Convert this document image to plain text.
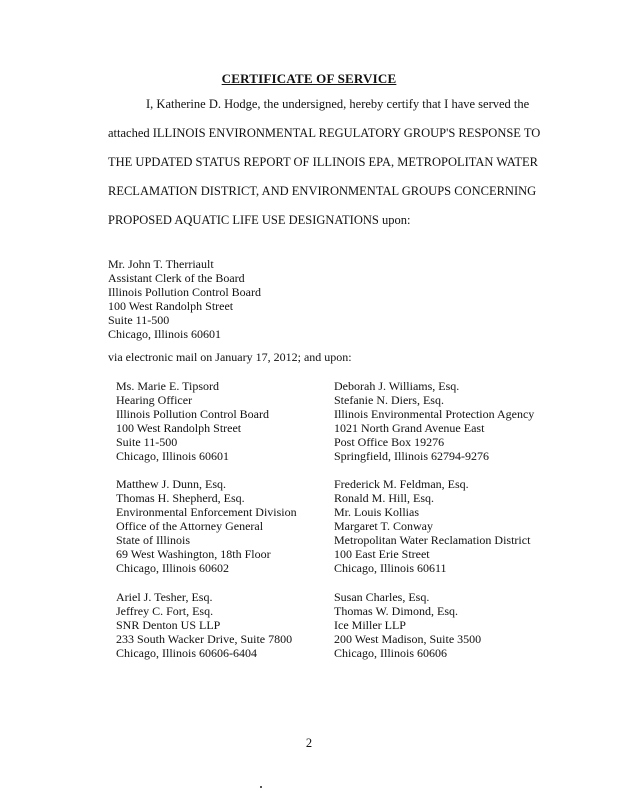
CERTIFICATE OF SERVICE
I, Katherine D. Hodge, the undersigned, hereby certify that I have served the
attached ILLINOIS ENVIRONMENTAL REGULATORY GROUP'S RESPONSE TO
THE UPDATED STATUS REPORT OF ILLINOIS EPA, METROPOLITAN WATER
RECLAMATION DISTRICT, AND ENVIRONMENTAL GROUPS CONCERNING
PROPOSED AQUATIC LIFE USE DESIGNATIONS upon:
Mr. John T. Therriault
Assistant Clerk of the Board
Illinois Pollution Control Board
100 West Randolph Street
Suite 11-500
Chicago, Illinois 60601
via electronic mail on January 17, 2012; and upon:
Ms. Marie E. Tipsord
Hearing Officer
Illinois Pollution Control Board
100 West Randolph Street
Suite 11-500
Chicago, Illinois 60601
Matthew J. Dunn, Esq.
Thomas H. Shepherd, Esq.
Environmental Enforcement Division
Office of the Attorney General
State of Illinois
69 West Washington, 18th Floor
Chicago, Illinois 60602
Ariel J. Tesher, Esq.
Jeffrey C. Fort, Esq.
SNR Denton US LLP
233 South Wacker Drive, Suite 7800
Chicago, Illinois 60606-6404
Deborah J. Williams, Esq.
Stefanie N. Diers, Esq.
Illinois Environmental Protection Agency
1021 North Grand Avenue East
Post Office Box 19276
Springfield, Illinois 62794-9276
Frederick M. Feldman, Esq.
Ronald M. Hill, Esq.
Mr. Louis Kollias
Margaret T. Conway
Metropolitan Water Reclamation District
100 East Erie Street
Chicago, Illinois 60611
Susan Charles, Esq.
Thomas W. Dimond, Esq.
Ice Miller LLP
200 West Madison, Suite 3500
Chicago, Illinois 60606
2
